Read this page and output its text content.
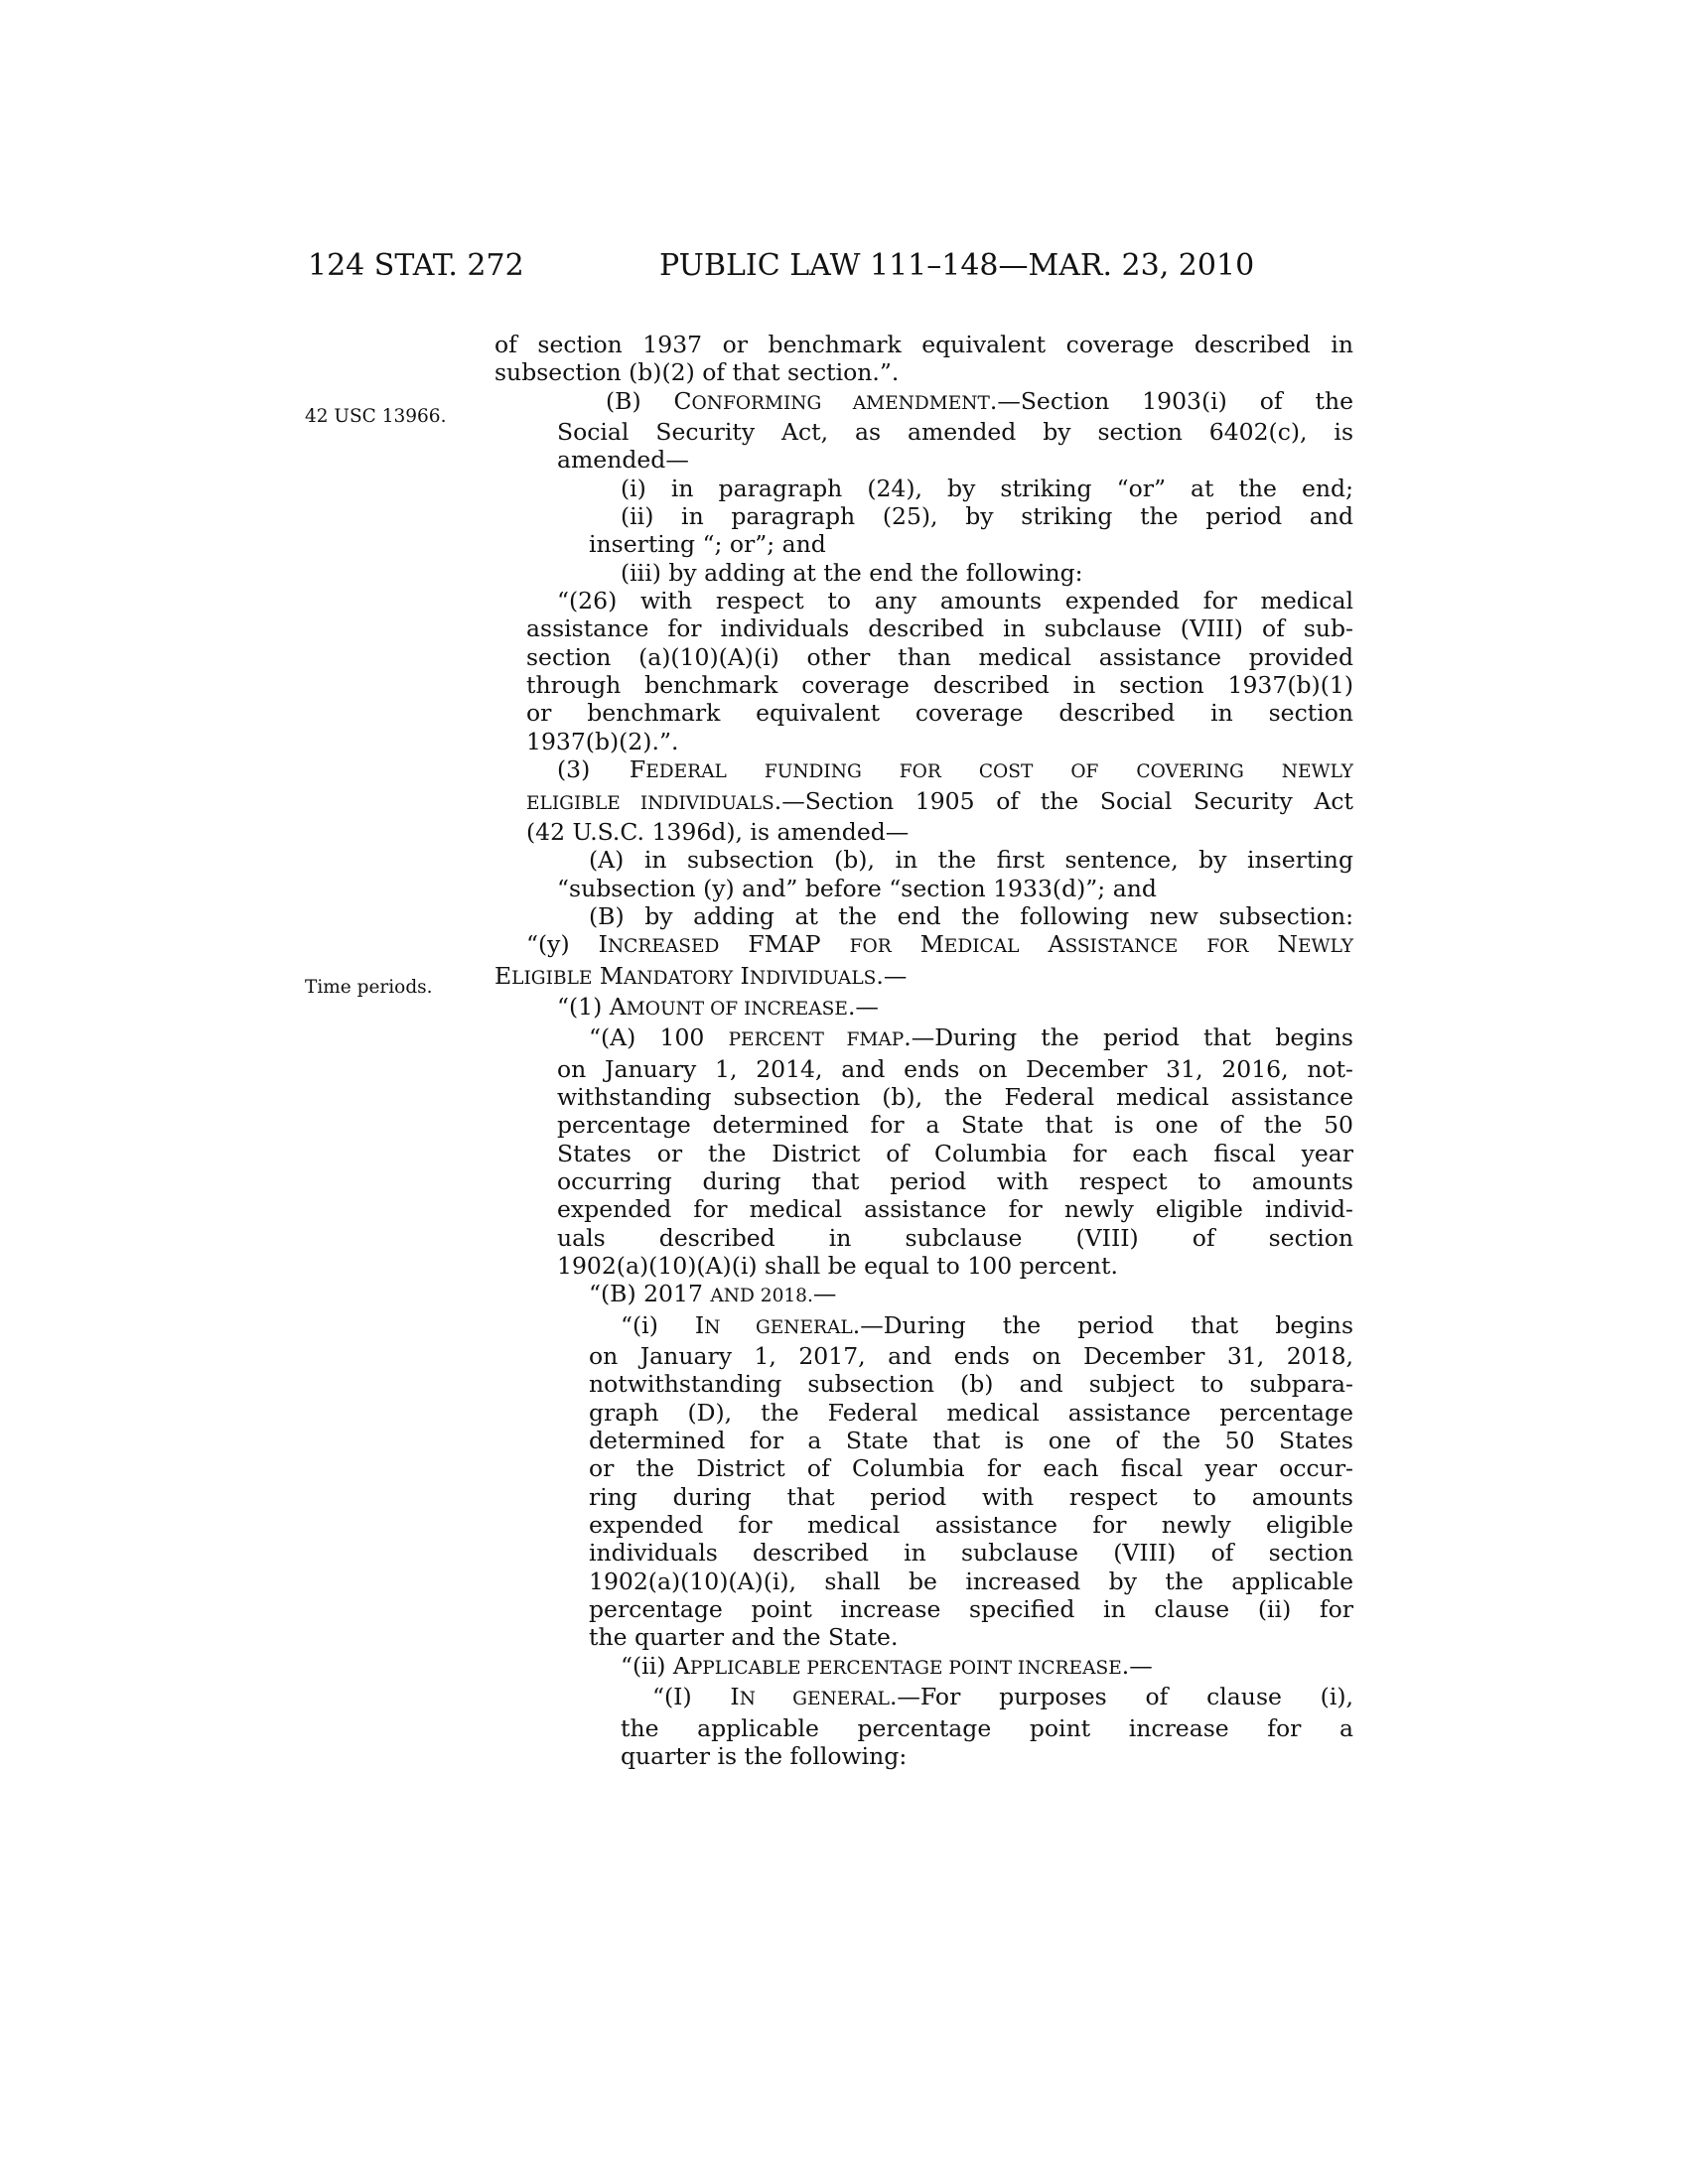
124 STAT. 272	PUBLIC LAW 111–148—MAR. 23, 2010
42 USC 13966.
Time periods.
of section 1937 or benchmark equivalent coverage described in
subsection (b)(2) of that section.”.
(B) CONFORMING AMENDMENT.—Section 1903(i) of the
Social Security Act, as amended by section 6402(c), is
amended—
(i) in paragraph (24), by striking “or” at the end;
(ii) in paragraph (25), by striking the period and
inserting “; or”; and
(iii) by adding at the end the following:
“(26) with respect to any amounts expended for medical
assistance for individuals described in subclause (VIII) of sub-
section (a)(10)(A)(i) other than medical assistance provided
through benchmark coverage described in section 1937(b)(1)
or benchmark equivalent coverage described in section
1937(b)(2).”.
(3) FEDERAL FUNDING FOR COST OF COVERING NEWLY
ELIGIBLE INDIVIDUALS.—Section 1905 of the Social Security Act
(42 U.S.C. 1396d), is amended—
(A) in subsection (b), in the first sentence, by inserting
“subsection (y) and” before “section 1933(d)”; and
(B) by adding at the end the following new subsection:
“(y) INCREASED FMAP FOR MEDICAL ASSISTANCE FOR NEWLY
ELIGIBLE MANDATORY INDIVIDUALS.—
“(1) AMOUNT OF INCREASE.—
“(A) 100 PERCENT FMAP.—During the period that begins
on January 1, 2014, and ends on December 31, 2016, not-
withstanding subsection (b), the Federal medical assistance
percentage determined for a State that is one of the 50
States or the District of Columbia for each fiscal year
occurring during that period with respect to amounts
expended for medical assistance for newly eligible individ-
uals described in subclause (VIII) of section
1902(a)(10)(A)(i) shall be equal to 100 percent.
“(B) 2017 AND 2018.—
“(i) IN GENERAL.—During the period that begins
on January 1, 2017, and ends on December 31, 2018,
notwithstanding subsection (b) and subject to subpara-
graph (D), the Federal medical assistance percentage
determined for a State that is one of the 50 States
or the District of Columbia for each fiscal year occur-
ring during that period with respect to amounts
expended for medical assistance for newly eligible
individuals described in subclause (VIII) of section
1902(a)(10)(A)(i), shall be increased by the applicable
percentage point increase specified in clause (ii) for
the quarter and the State.
“(ii) APPLICABLE PERCENTAGE POINT INCREASE.—
“(I) IN GENERAL.—For purposes of clause (i),
the applicable percentage point increase for a
quarter is the following:
